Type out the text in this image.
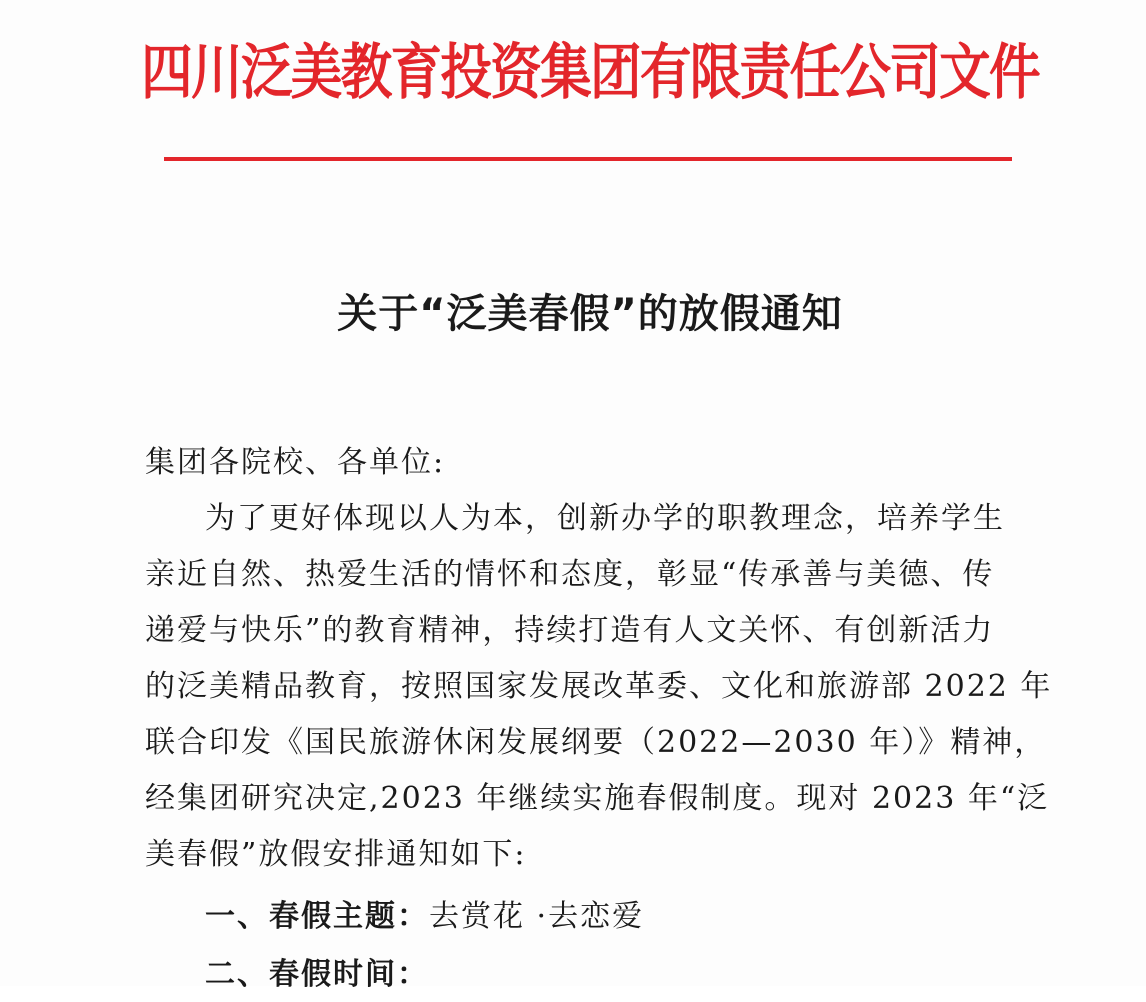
四川泛美教育投资集团有限责任公司文件
关于“泛美春假”的放假通知
集团各院校、各单位:
为了更好体现以人为本，创新办学的职教理念，培养学生
亲近自然、热爱生活的情怀和态度，彰显“传承善与美德、传
递爱与快乐”的教育精神，持续打造有人文关怀、有创新活力
的泛美精品教育，按照国家发展改革委、文化和旅游部 2022 年
联合印发《国民旅游休闲发展纲要（2022—2030 年）》精神，
经集团研究决定,2023 年继续实施春假制度。现对 2023 年“泛
美春假”放假安排通知如下:
一、春假主题：去赏花 ·去恋爱
二、春假时间：
